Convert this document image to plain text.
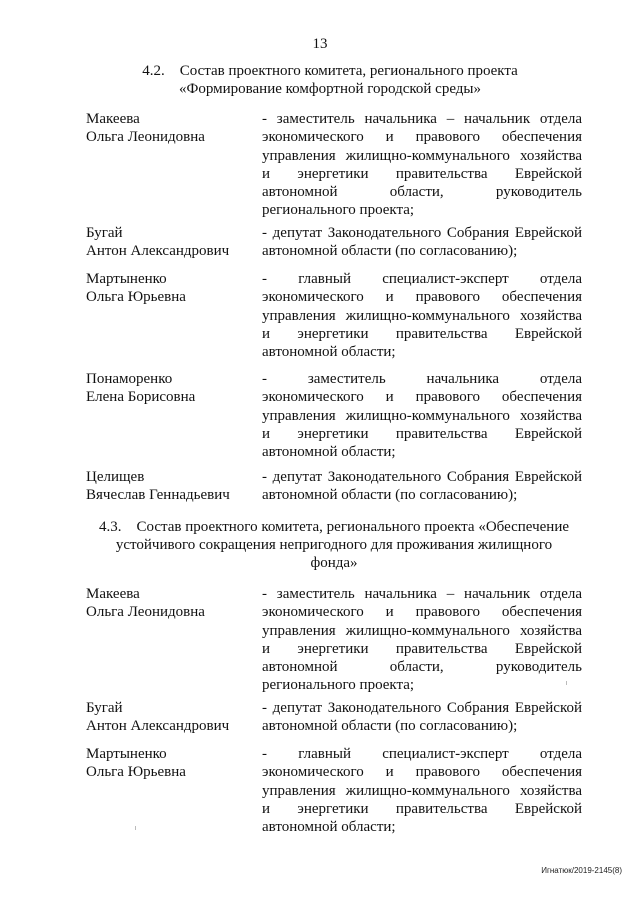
13
4.2.    Состав проектного комитета, регионального проекта
«Формирование комфортной городской среды»
Макеева
Ольга Леонидовна
- заместитель начальника – начальник отдела
экономического и правового обеспечения
управления жилищно-коммунального хозяйства
и энергетики правительства Еврейской
автономной области, руководитель
регионального проекта;
Бугай
Антон Александрович
- депутат Законодательного Собрания Еврейской
автономной области (по согласованию);
Мартыненко
Ольга Юрьевна
- главный специалист-эксперт отдела
экономического и правового обеспечения
управления жилищно-коммунального хозяйства
и энергетики правительства Еврейской
автономной области;
Понаморенко
Елена Борисовна
- заместитель начальника отдела
экономического и правового обеспечения
управления жилищно-коммунального хозяйства
и энергетики правительства Еврейской
автономной области;
Целищев
Вячеслав Геннадьевич
- депутат Законодательного Собрания Еврейской
автономной области (по согласованию);
4.3.    Состав проектного комитета, регионального проекта «Обеспечение
устойчивого сокращения непригодного для проживания жилищного
фонда»
Макеева
Ольга Леонидовна
- заместитель начальника – начальник отдела
экономического и правового обеспечения
управления жилищно-коммунального хозяйства
и энергетики правительства Еврейской
автономной области, руководитель
регионального проекта;
Бугай
Антон Александрович
- депутат Законодательного Собрания Еврейской
автономной области (по согласованию);
Мартыненко
Ольга Юрьевна
- главный специалист-эксперт отдела
экономического и правового обеспечения
управления жилищно-коммунального хозяйства
и энергетики правительства Еврейской
автономной области;
Игнатюк/2019-2145(8)
